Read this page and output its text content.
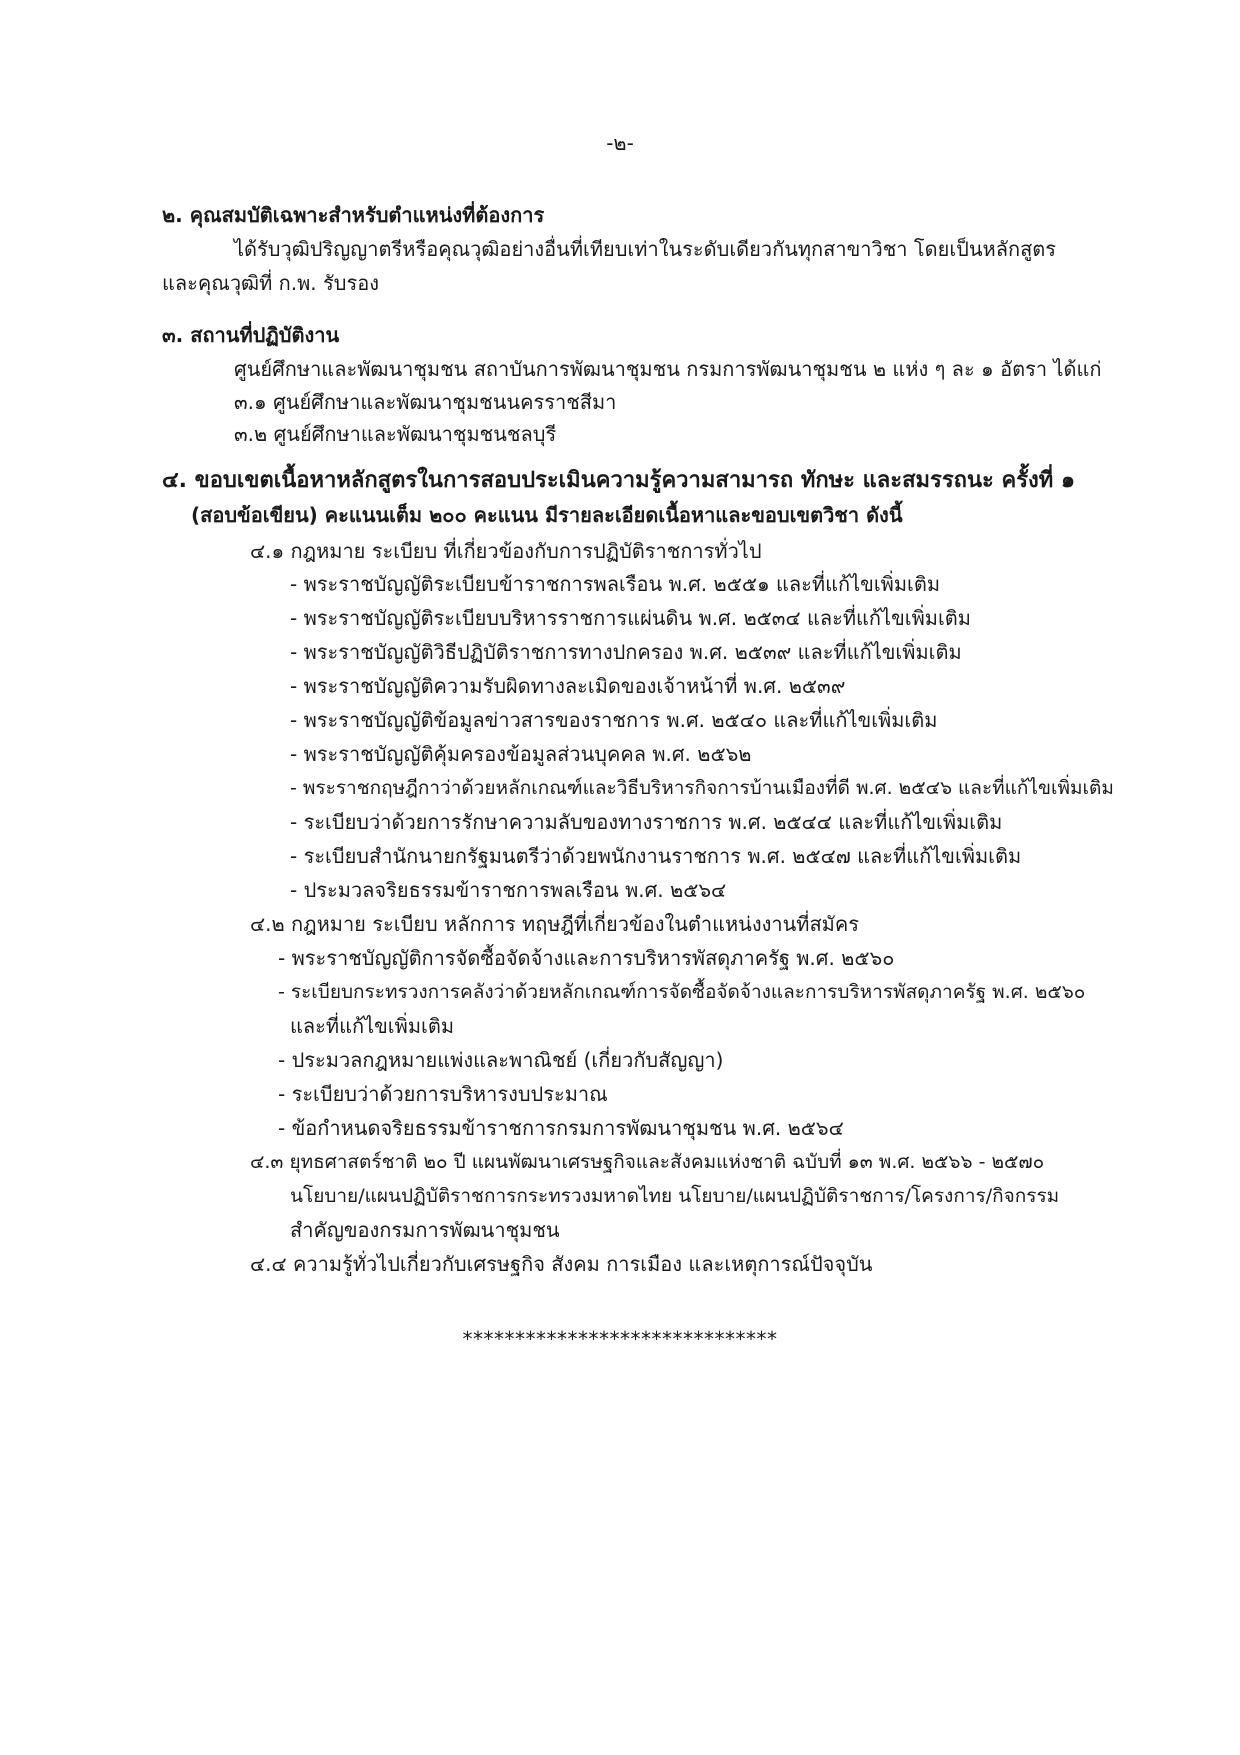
-๒-
๒. คุณสมบัติเฉพาะสำหรับตำแหน่งที่ต้องการ
ได้รับวุฒิปริญญาตรีหรือคุณวุฒิอย่างอื่นที่เทียบเท่าในระดับเดียวกันทุกสาขาวิชา โดยเป็นหลักสูตร
และคุณวุฒิที่ ก.พ. รับรอง
๓. สถานที่ปฏิบัติงาน
ศูนย์ศึกษาและพัฒนาชุมชน สถาบันการพัฒนาชุมชน กรมการพัฒนาชุมชน ๒ แห่ง ๆ ละ ๑ อัตรา ได้แก่
๓.๑ ศูนย์ศึกษาและพัฒนาชุมชนนครราชสีมา
๓.๒ ศูนย์ศึกษาและพัฒนาชุมชนชลบุรี
๔. ขอบเขตเนื้อหาหลักสูตรในการสอบประเมินความรู้ความสามารถ ทักษะ และสมรรถนะ ครั้งที่ ๑
(สอบข้อเขียน) คะแนนเต็ม ๒๐๐ คะแนน มีรายละเอียดเนื้อหาและขอบเขตวิชา ดังนี้
๔.๑ กฎหมาย ระเบียบ ที่เกี่ยวข้องกับการปฏิบัติราชการทั่วไป
- พระราชบัญญัติระเบียบข้าราชการพลเรือน พ.ศ. ๒๕๕๑ และที่แก้ไขเพิ่มเติม
- พระราชบัญญัติระเบียบบริหารราชการแผ่นดิน พ.ศ. ๒๕๓๔ และที่แก้ไขเพิ่มเติม
- พระราชบัญญัติวิธีปฏิบัติราชการทางปกครอง พ.ศ. ๒๕๓๙ และที่แก้ไขเพิ่มเติม
- พระราชบัญญัติความรับผิดทางละเมิดของเจ้าหน้าที่ พ.ศ. ๒๕๓๙
- พระราชบัญญัติข้อมูลข่าวสารของราชการ พ.ศ. ๒๕๔๐ และที่แก้ไขเพิ่มเติม
- พระราชบัญญัติคุ้มครองข้อมูลส่วนบุคคล พ.ศ. ๒๕๖๒
- พระราชกฤษฎีกาว่าด้วยหลักเกณฑ์และวิธีบริหารกิจการบ้านเมืองที่ดี พ.ศ. ๒๕๔๖ และที่แก้ไขเพิ่มเติม
- ระเบียบว่าด้วยการรักษาความลับของทางราชการ พ.ศ. ๒๕๔๔ และที่แก้ไขเพิ่มเติม
- ระเบียบสำนักนายกรัฐมนตรีว่าด้วยพนักงานราชการ พ.ศ. ๒๕๔๗ และที่แก้ไขเพิ่มเติม
- ประมวลจริยธรรมข้าราชการพลเรือน พ.ศ. ๒๕๖๔
๔.๒ กฎหมาย ระเบียบ หลักการ ทฤษฎีที่เกี่ยวข้องในตำแหน่งงานที่สมัคร
- พระราชบัญญัติการจัดซื้อจัดจ้างและการบริหารพัสดุภาครัฐ พ.ศ. ๒๕๖๐
- ระเบียบกระทรวงการคลังว่าด้วยหลักเกณฑ์การจัดซื้อจัดจ้างและการบริหารพัสดุภาครัฐ พ.ศ. ๒๕๖๐
และที่แก้ไขเพิ่มเติม
- ประมวลกฎหมายแพ่งและพาณิชย์ (เกี่ยวกับสัญญา)
- ระเบียบว่าด้วยการบริหารงบประมาณ
- ข้อกำหนดจริยธรรมข้าราชการกรมการพัฒนาชุมชน พ.ศ. ๒๕๖๔
๔.๓ ยุทธศาสตร์ชาติ ๒๐ ปี แผนพัฒนาเศรษฐกิจและสังคมแห่งชาติ ฉบับที่ ๑๓ พ.ศ. ๒๕๖๖ - ๒๕๗๐
นโยบาย/แผนปฏิบัติราชการกระทรวงมหาดไทย นโยบาย/แผนปฏิบัติราชการ/โครงการ/กิจกรรม
สำคัญของกรมการพัฒนาชุมชน
๔.๔ ความรู้ทั่วไปเกี่ยวกับเศรษฐกิจ สังคม การเมือง และเหตุการณ์ปัจจุบัน
******************************
